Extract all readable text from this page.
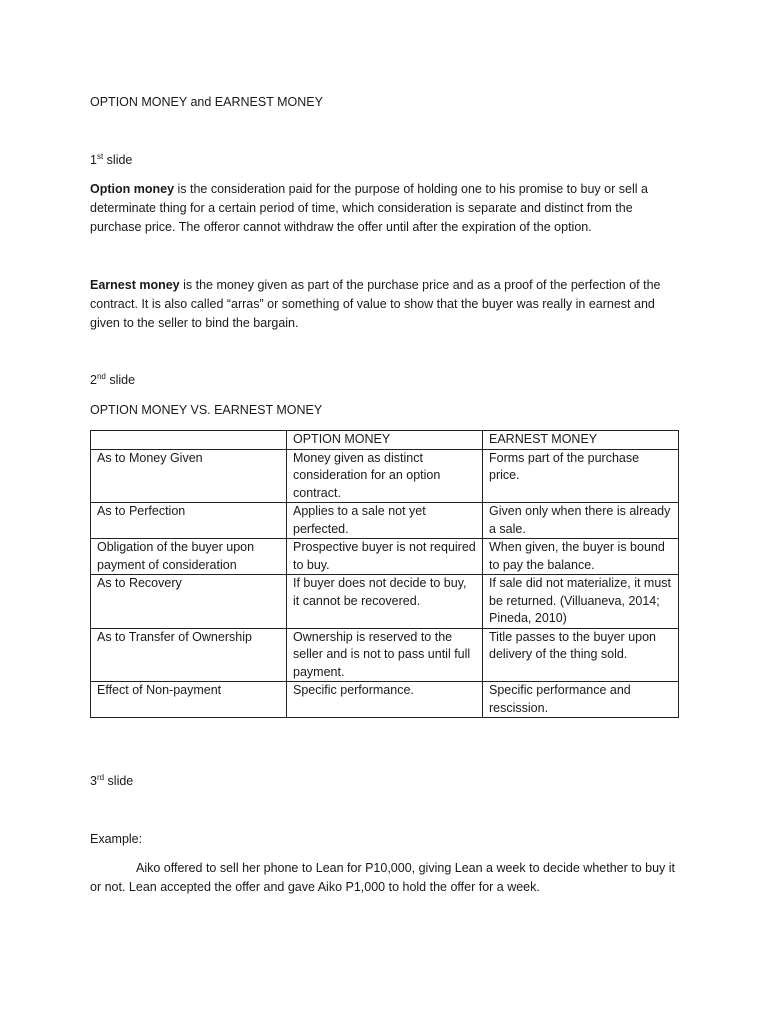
OPTION MONEY and EARNEST MONEY
1st slide
Option money is the consideration paid for the purpose of holding one to his promise to buy or sell a determinate thing for a certain period of time, which consideration is separate and distinct from the purchase price. The offeror cannot withdraw the offer until after the expiration of the option.
Earnest money is the money given as part of the purchase price and as a proof of the perfection of the contract. It is also called “arras” or something of value to show that the buyer was really in earnest and given to the seller to bind the bargain.
2nd slide
OPTION MONEY VS. EARNEST MONEY
	OPTION MONEY	EARNEST MONEY
As to Money Given	Money given as distinct consideration for an option contract.	Forms part of the purchase price.
As to Perfection	Applies to a sale not yet perfected.	Given only when there is already a sale.
Obligation of the buyer upon payment of consideration	Prospective buyer is not required to buy.	When given, the buyer is bound to pay the balance.
As to Recovery	If buyer does not decide to buy, it cannot be recovered.	If sale did not materialize, it must be returned. (Villuaneva, 2014; Pineda, 2010)
As to Transfer of Ownership	Ownership is reserved to the seller and is not to pass until full payment.	Title passes to the buyer upon delivery of the thing sold.
Effect of Non-payment	Specific performance.	Specific performance and rescission.
3rd slide
Example:
Aiko offered to sell her phone to Lean for P10,000, giving Lean a week to decide whether to buy it or not. Lean accepted the offer and gave Aiko P1,000 to hold the offer for a week.
